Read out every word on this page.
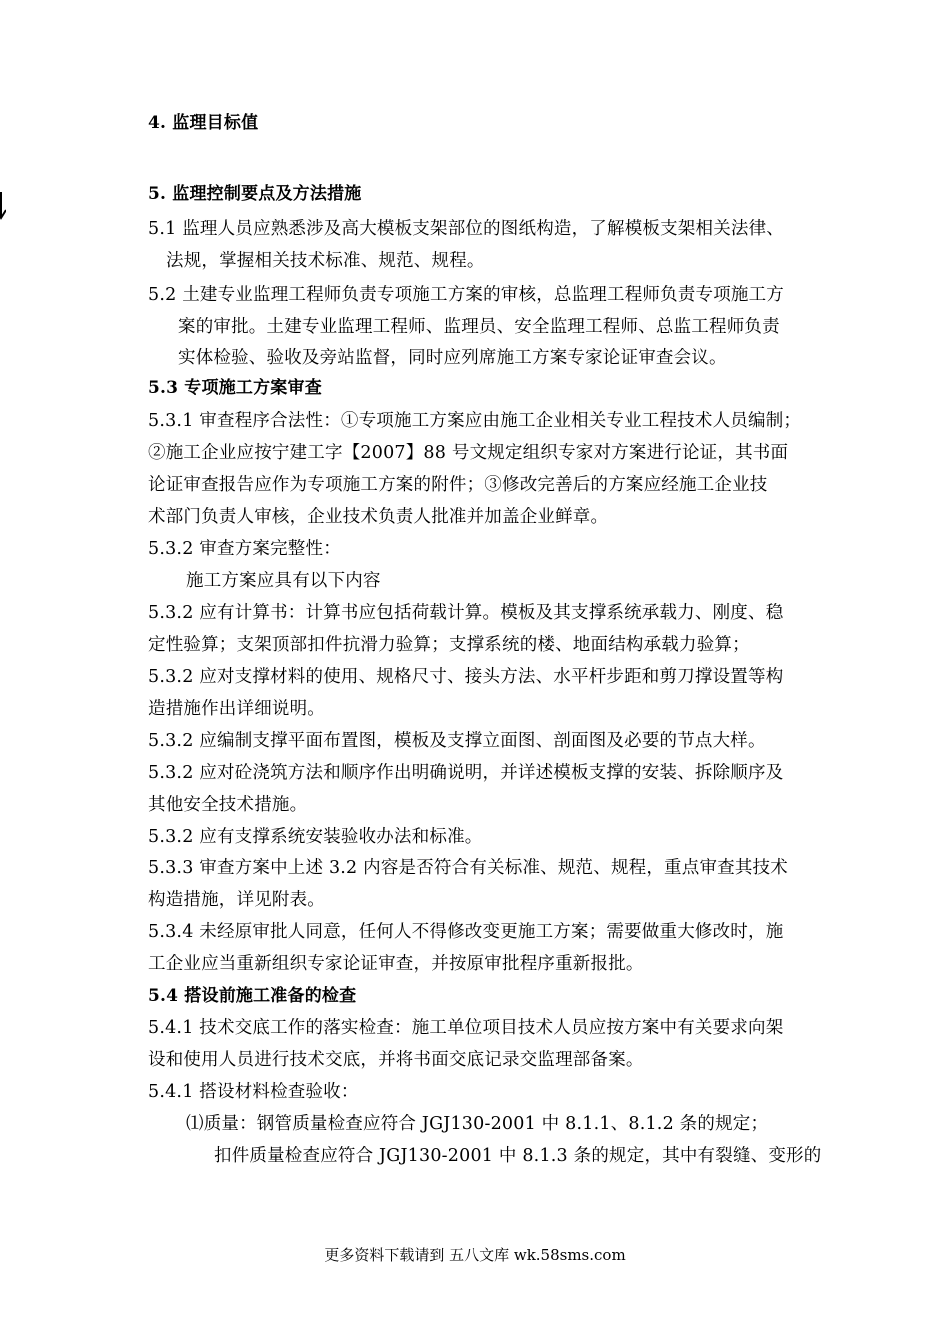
4. 监理目标值
5. 监理控制要点及方法措施
5.1 监理人员应熟悉涉及高大模板支架部位的图纸构造，了解模板支架相关法律、
法规，掌握相关技术标准、规范、规程。
5.2 土建专业监理工程师负责专项施工方案的审核，总监理工程师负责专项施工方
案的审批。土建专业监理工程师、监理员、安全监理工程师、总监工程师负责
实体检验、验收及旁站监督，同时应列席施工方案专家论证审查会议。
5.3 专项施工方案审查
5.3.1 审查程序合法性：①专项施工方案应由施工企业相关专业工程技术人员编制；
②施工企业应按宁建工字【2007】88 号文规定组织专家对方案进行论证，其书面
论证审查报告应作为专项施工方案的附件；③修改完善后的方案应经施工企业技
术部门负责人审核，企业技术负责人批准并加盖企业鲜章。
5.3.2 审查方案完整性：
施工方案应具有以下内容
5.3.2 应有计算书：计算书应包括荷载计算。模板及其支撑系统承载力、刚度、稳
定性验算；支架顶部扣件抗滑力验算；支撑系统的楼、地面结构承载力验算；
5.3.2 应对支撑材料的使用、规格尺寸、接头方法、水平杆步距和剪刀撑设置等构
造措施作出详细说明。
5.3.2 应编制支撑平面布置图，模板及支撑立面图、剖面图及必要的节点大样。
5.3.2 应对砼浇筑方法和顺序作出明确说明，并详述模板支撑的安装、拆除顺序及
其他安全技术措施。
5.3.2 应有支撑系统安装验收办法和标准。
5.3.3 审查方案中上述 3.2 内容是否符合有关标准、规范、规程，重点审查其技术
构造措施，详见附表。
5.3.4 未经原审批人同意，任何人不得修改变更施工方案；需要做重大修改时，施
工企业应当重新组织专家论证审查，并按原审批程序重新报批。
5.4 搭设前施工准备的检查
5.4.1 技术交底工作的落实检查：施工单位项目技术人员应按方案中有关要求向架
设和使用人员进行技术交底，并将书面交底记录交监理部备案。
5.4.1 搭设材料检查验收：
⑴质量：钢管质量检查应符合 JGJ130-2001 中 8.1.1、8.1.2 条的规定；
扣件质量检查应符合 JGJ130-2001 中 8.1.3 条的规定，其中有裂缝、变形的
更多资料下载请到 五八文库 wk.58sms.com
